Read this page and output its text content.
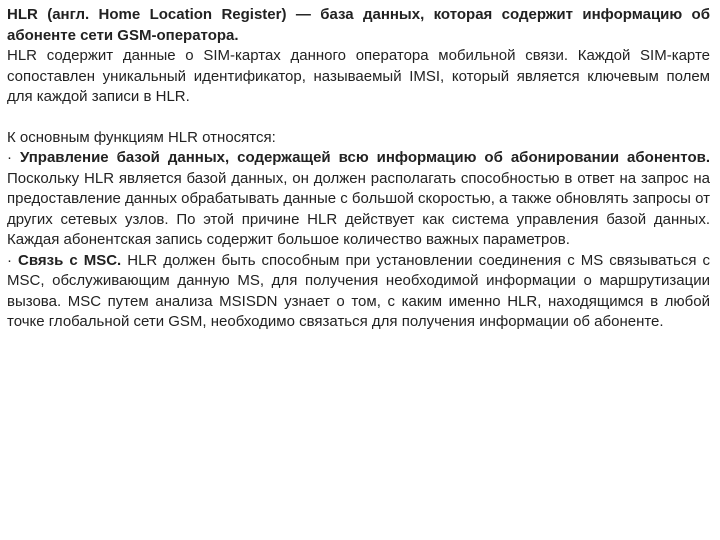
HLR (англ. Home Location Register) — база данных, которая содержит информацию об абоненте сети GSM-оператора.

HLR содержит данные о SIM-картах данного оператора мобильной связи. Каждой SIM-карте сопоставлен уникальный идентификатор, называемый IMSI, который является ключевым полем для каждой записи в HLR.

К основным функциям HLR относятся:

· Управление базой данных, содержащей всю информацию об абонировании абонентов. Поскольку HLR является базой данных, он должен располагать способностью в ответ на запрос на предоставление данных обрабатывать данные с большой скоростью, а также обновлять запросы от других сетевых узлов. По этой причине HLR действует как система управления базой данных. Каждая абонентская запись содержит большое количество важных параметров.

· Связь с MSC. HLR должен быть способным при установлении соединения с MS связываться с MSC, обслуживающим данную MS, для получения необходимой информации о маршрутизации вызова. MSC путем анализа MSISDN узнает о том, с каким именно HLR, находящимся в любой точке глобальной сети GSM, необходимо связаться для получения информации об абоненте.
